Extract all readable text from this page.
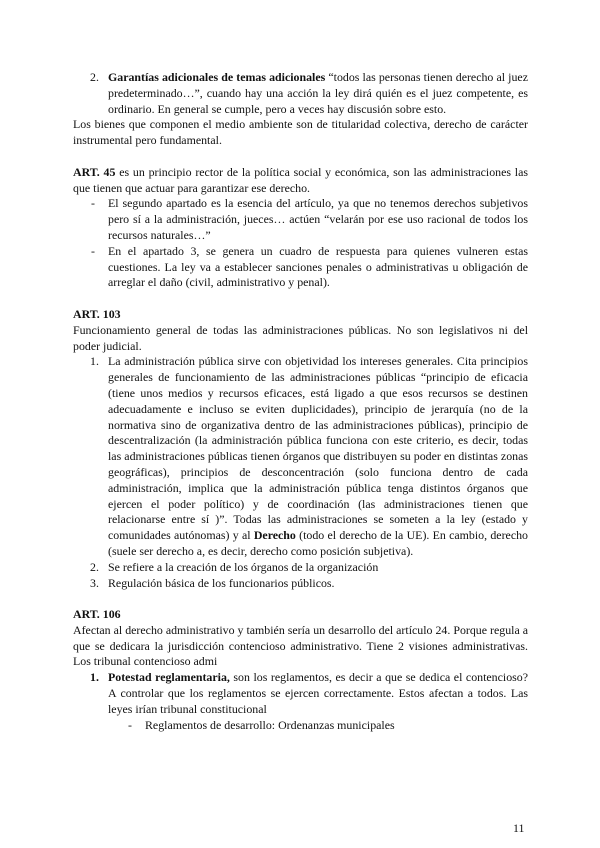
2. Garantías adicionales de temas adicionales “todos las personas tienen derecho al juez predeterminado…”, cuando hay una acción la ley dirá quién es el juez competente, es ordinario. En general se cumple, pero a veces hay discusión sobre esto.

Los bienes que componen el medio ambiente son de titularidad colectiva, derecho de carácter instrumental pero fundamental.

ART. 45 es un principio rector de la política social y económica, son las administraciones las que tienen que actuar para garantizar ese derecho.

- El segundo apartado es la esencia del artículo, ya que no tenemos derechos subjetivos pero sí a la administración, jueces… actúen “velarán por ese uso racional de todos los recursos naturales…”
- En el apartado 3, se genera un cuadro de respuesta para quienes vulneren estas cuestiones. La ley va a establecer sanciones penales o administrativas u obligación de arreglar el daño (civil, administrativo y penal).

ART. 103

Funcionamiento general de todas las administraciones públicas. No son legislativos ni del poder judicial.

1. La administración pública sirve con objetividad los intereses generales. Cita principios generales de funcionamiento de las administraciones públicas “principio de eficacia (tiene unos medios y recursos eficaces, está ligado a que esos recursos se destinen adecuadamente e incluso se eviten duplicidades), principio de jerarquía (no de la normativa sino de organizativa dentro de las administraciones públicas), principio de descentralización (la administración pública funciona con este criterio, es decir, todas las administraciones públicas tienen órganos que distribuyen su poder en distintas zonas geográficas), principios de desconcentración (solo funciona dentro de cada administración, implica que la administración pública tenga distintos órganos que ejercen el poder político) y de coordinación (las administraciones tienen que relacionarse entre sí )”. Todas las administraciones se someten a la ley (estado y comunidades autónomas) y al Derecho (todo el derecho de la UE). En cambio, derecho (suele ser derecho a, es decir, derecho como posición subjetiva).
2. Se refiere a la creación de los órganos de la organización
3. Regulación básica de los funcionarios públicos.

ART. 106

Afectan al derecho administrativo y también sería un desarrollo del artículo 24. Porque regula a que se dedicara la jurisdicción contencioso administrativo. Tiene 2 visiones administrativas. Los tribunal contencioso admi

1. Potestad reglamentaria, son los reglamentos, es decir a que se dedica el contencioso? A controlar que los reglamentos se ejercen correctamente. Estos afectan a todos. Las leyes irían tribunal constitucional
- Reglamentos de desarrollo: Ordenanzas municipales
11
